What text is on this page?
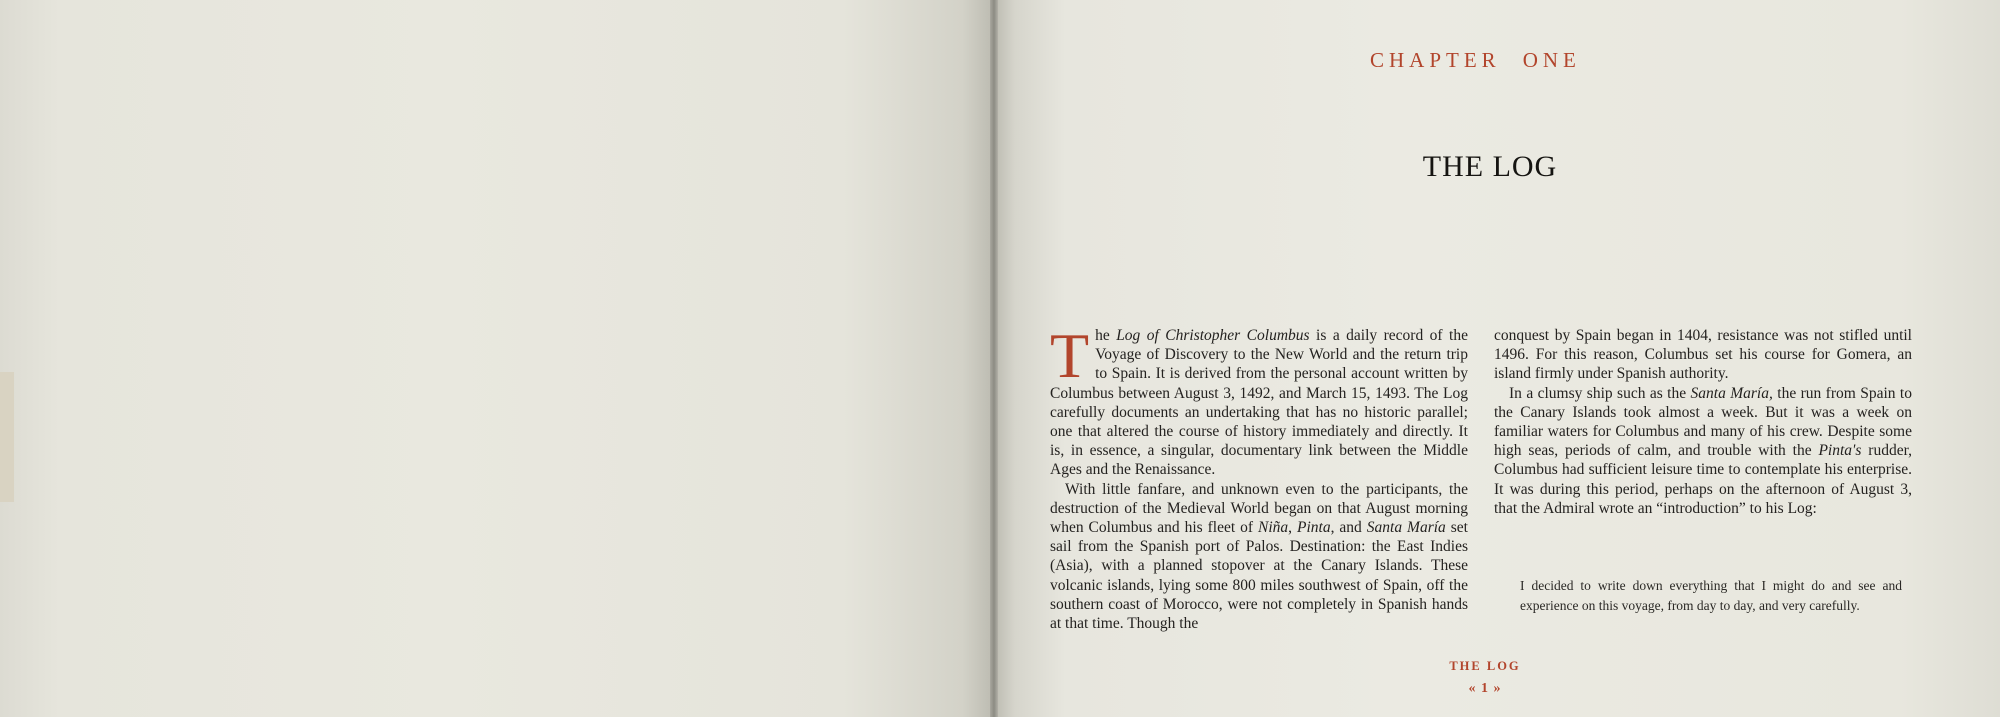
CHAPTER ONE
THE LOG

The Log of Christopher Columbus is a daily record of the Voyage of Discovery to the New World and the return trip to Spain. It is derived from the personal account written by Columbus between August 3, 1492, and March 15, 1493. The Log carefully documents an undertaking that has no historic parallel; one that altered the course of history immediately and directly. It is, in essence, a singular, documentary link between the Middle Ages and the Renaissance.

With little fanfare, and unknown even to the participants, the destruction of the Medieval World began on that August morning when Columbus and his fleet of Niña, Pinta, and Santa María set sail from the Spanish port of Palos. Destination: the East Indies (Asia), with a planned stopover at the Canary Islands. These volcanic islands, lying some 800 miles southwest of Spain, off the southern coast of Morocco, were not completely in Spanish hands at that time. Though the

conquest by Spain began in 1404, resistance was not stifled until 1496. For this reason, Columbus set his course for Gomera, an island firmly under Spanish authority.

In a clumsy ship such as the Santa María, the run from Spain to the Canary Islands took almost a week. But it was a week on familiar waters for Columbus and many of his crew. Despite some high seas, periods of calm, and trouble with the Pinta's rudder, Columbus had sufficient leisure time to contemplate his enterprise. It was during this period, perhaps on the afternoon of August 3, that the Admiral wrote an “introduction” to his Log:

I decided to write down everything that I might do and see and experience on this voyage, from day to day, and very carefully.
THE LOG
« 1 »
